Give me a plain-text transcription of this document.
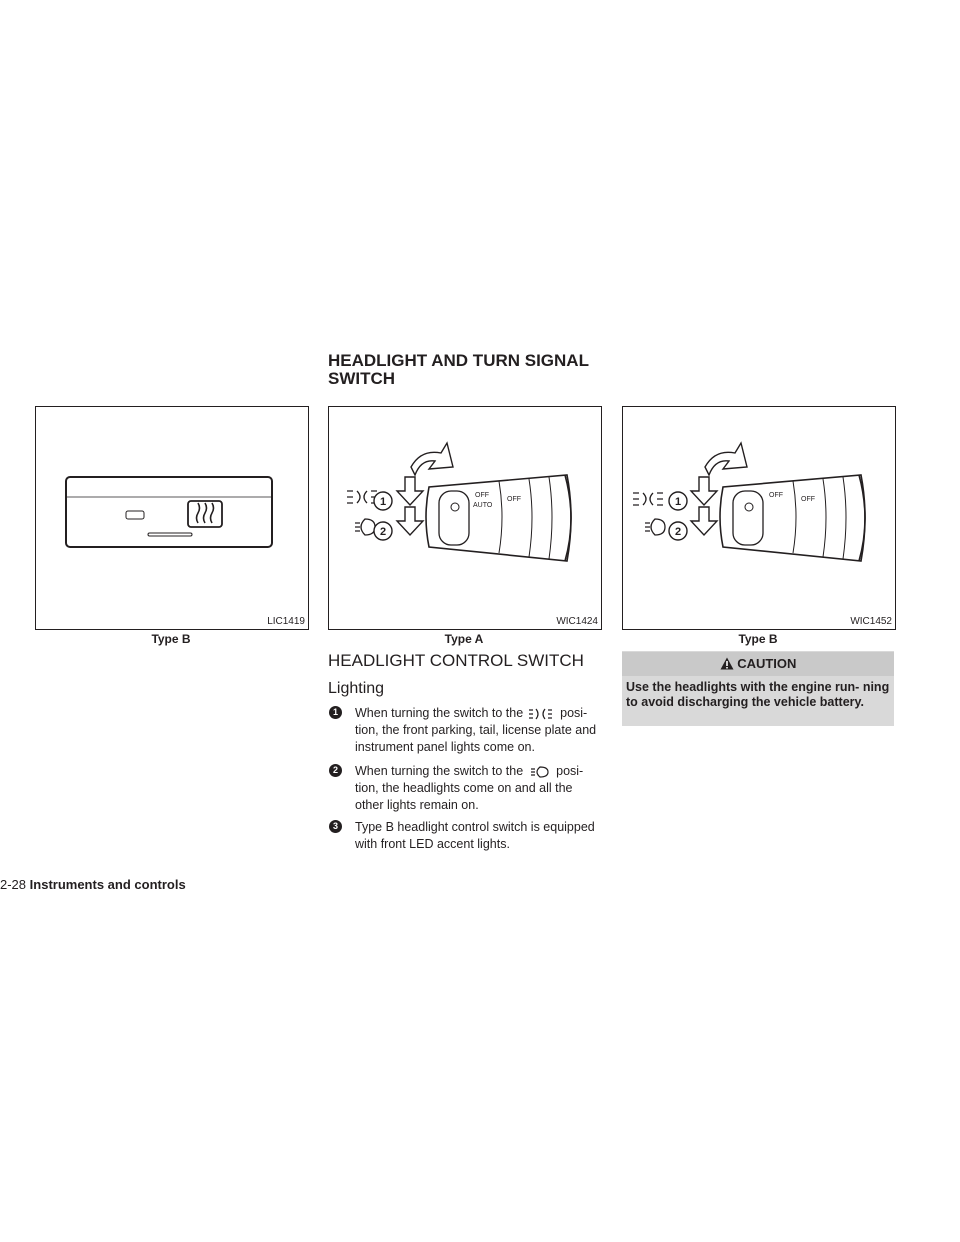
HEADLIGHT AND TURN SIGNAL
SWITCH
LIC1419
Type B
1
2
OFF
AUTO
OFF
WIC1424
Type A
1
2
OFF
OFF
WIC1452
Type B
HEADLIGHT CONTROL SWITCH
Lighting
1	When turning the switch to the	posi- tion, the front parking, tail, license plate and instrument panel lights come on.
2	When turning the switch to the	posi- tion, the headlights come on and all the other lights remain on.
3	Type B headlight control switch is equipped with front LED accent lights.
CAUTION
Use the headlights with the engine run- ning to avoid discharging the vehicle battery.
2-28 Instruments and controls
